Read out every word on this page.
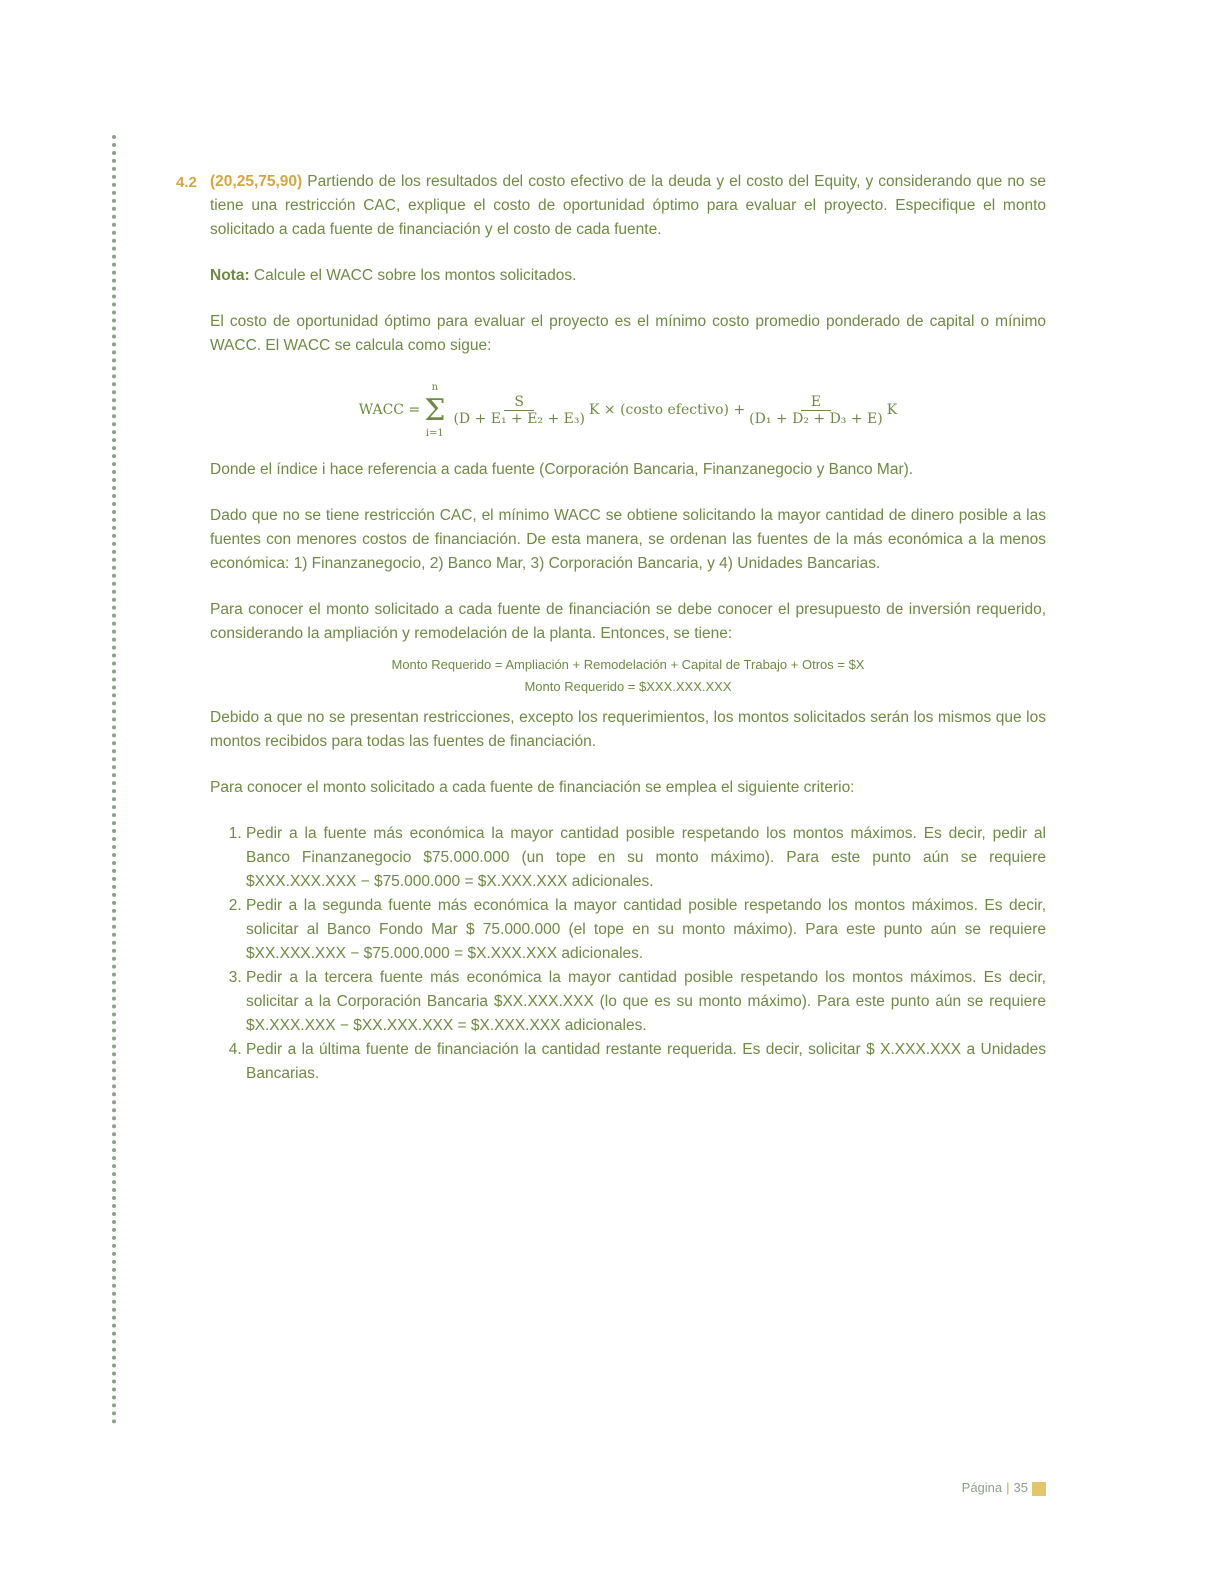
4.2 (20,25,75,90) Partiendo de los resultados del costo efectivo de la deuda y el costo del Equity, y considerando que no se tiene una restricción CAC, explique el costo de oportunidad óptimo para evaluar el proyecto. Especifique el monto solicitado a cada fuente de financiación y el costo de cada fuente.

Nota: Calcule el WACC sobre los montos solicitados.

El costo de oportunidad óptimo para evaluar el proyecto es el mínimo costo promedio ponderado de capital o mínimo WACC. El WACC se calcula como sigue:

WACC =
n
Σ
i=1
$\frac{S}{\text{(D + E₁ + E₂ + E₃)}}$ K × (costo efectivo) + $\frac{E}{\text{(D₁ + D₂ + D₃ + E)}}$ K

Donde el índice i hace referencia a cada fuente (Corporación Bancaria, Finanzanegocio y Banco Mar).

Dado que no se tiene restricción CAC, el mínimo WACC se obtiene solicitando la mayor cantidad de dinero posible a las fuentes con menores costos de financiación. De esta manera, se ordenan las fuentes de la más económica a la menos económica: 1) Finanzanegocio, 2) Banco Mar, 3) Corporación Bancaria, y 4) Unidades Bancarias.

Para conocer el monto solicitado a cada fuente de financiación se debe conocer el presupuesto de inversión requerido, considerando la ampliación y remodelación de la planta. Entonces, se tiene:

Monto Requerido = Ampliación + Remodelación + Capital de Trabajo + Otros = $X
Monto Requerido = $XXX.XXX.XXX

Debido a que no se presentan restricciones, excepto los requerimientos, los montos solicitados serán los mismos que los montos recibidos para todas las fuentes de financiación.

Para conocer el monto solicitado a cada fuente de financiación se emplea el siguiente criterio:

1. Pedir a la fuente más económica la mayor cantidad posible respetando los montos máximos. Es decir, pedir al Banco Finanzanegocio $75.000.000 (un tope en su monto máximo). Para este punto aún se requiere $XXX.XXX.XXX − $75.000.000 = $X.XXX.XXX adicionales.
2. Pedir a la segunda fuente más económica la mayor cantidad posible respetando los montos máximos. Es decir, solicitar al Banco Fondo Mar $ 75.000.000 (el tope en su monto máximo). Para este punto aún se requiere $XX.XXX.XXX − $75.000.000 = $X.XXX.XXX adicionales.
3. Pedir a la tercera fuente más económica la mayor cantidad posible respetando los montos máximos. Es decir, solicitar a la Corporación Bancaria $XX.XXX.XXX (lo que es su monto máximo). Para este punto aún se requiere $X.XXX.XXX − $XX.XXX.XXX = $X.XXX.XXX adicionales.
4. Pedir a la última fuente de financiación la cantidad restante requerida. Es decir, solicitar $ X.XXX.XXX a Unidades Bancarias.
Página | 35
